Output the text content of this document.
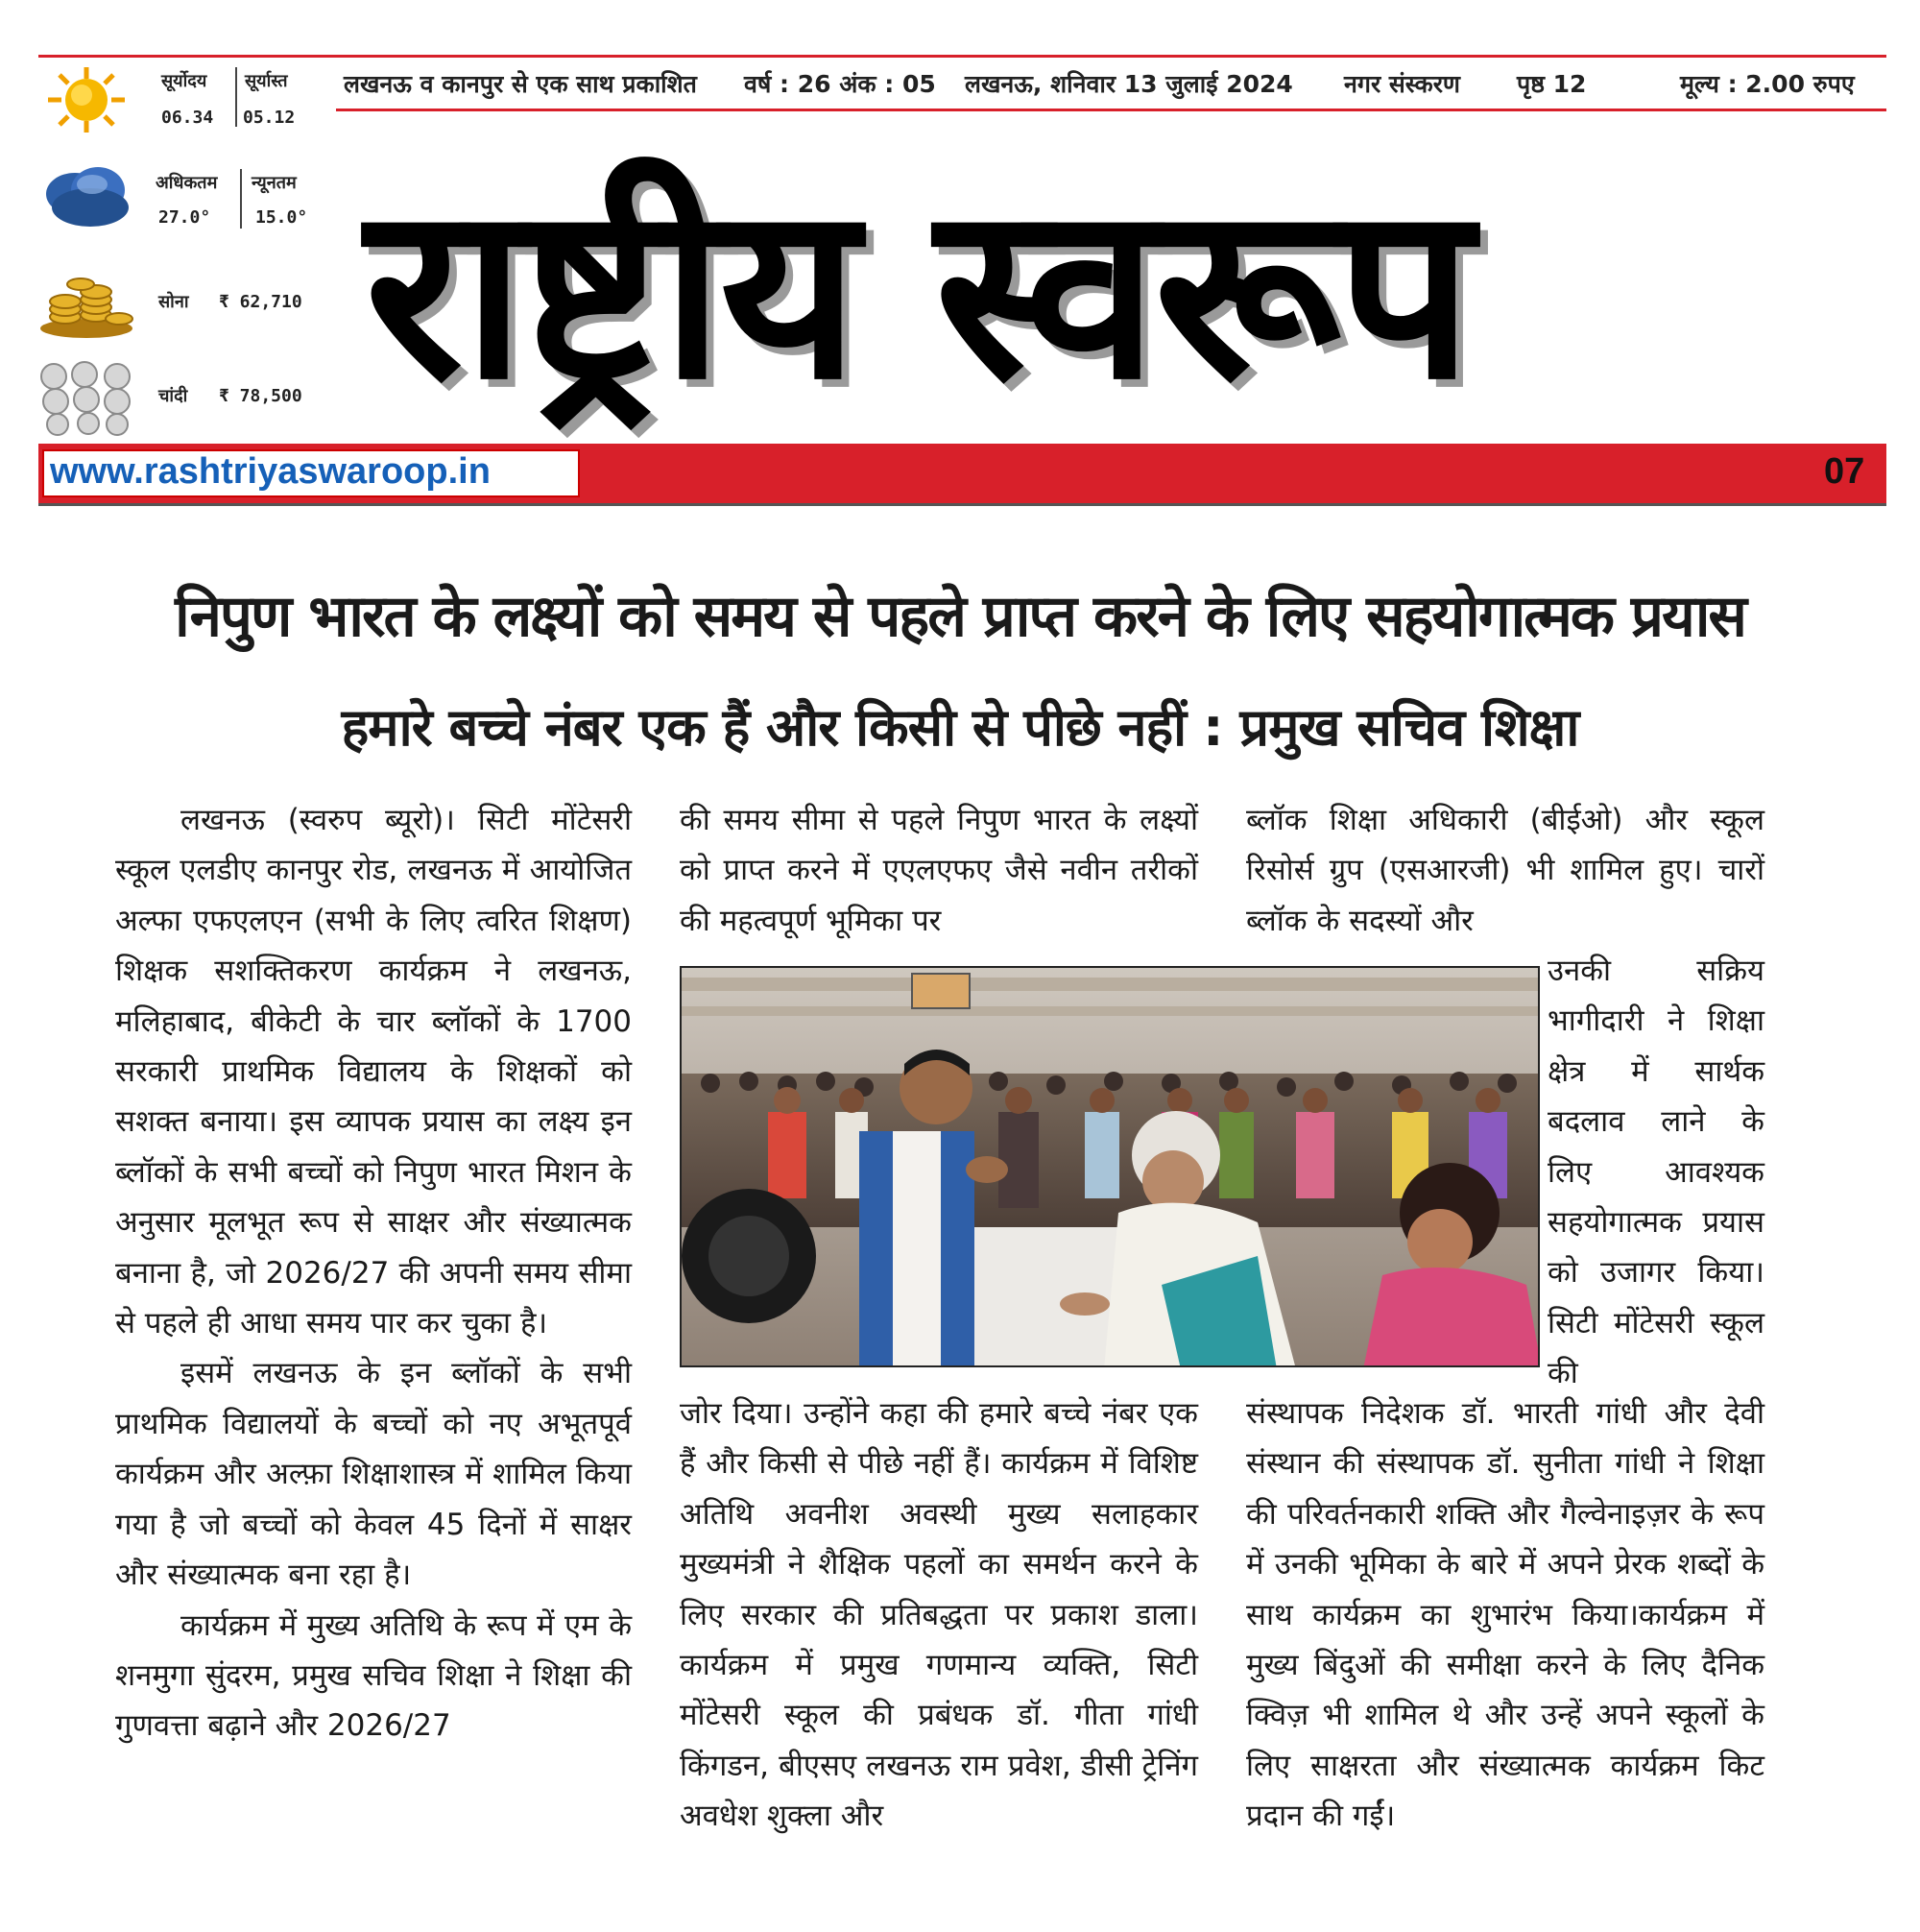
लखनऊ व कानपुर से एक साथ प्रकाशित वर्ष : 26 अंक : 05 लखनऊ, शनिवार 13 जुलाई 2024 नगर संस्करण पृष्ठ 12	मूल्य : 2.00 रुपए
सूर्योदय सूर्यास्त
06.34 05.12
अधिकतम न्यूनतम
27.0°	15.0°
सोना ₹ 62,710
चांदी ₹ 78,500 राष्ट्रीय स्वरूप
www.rashtriyaswaroop.in	07
निपुण भारत के लक्ष्यों को समय से पहले प्राप्त करने के लिए सहयोगात्मक प्रयास
हमारे बच्चे नंबर एक हैं और किसी से पीछे नहीं : प्रमुख सचिव शिक्षा

लखनऊ (स्वरुप ब्यूरो)। सिटी मोंटेसरी स्कूल एलडीए कानपुर रोड, लखनऊ में आयोजित अल्फा एफएलएन (सभी के लिए त्वरित शिक्षण) शिक्षक सशक्तिकरण कार्यक्रम ने लखनऊ, मलिहाबाद, बीकेटी के चार ब्लॉकों के 1700 सरकारी प्राथमिक विद्यालय के शिक्षकों को सशक्त बनाया। इस व्यापक प्रयास का लक्ष्य इन ब्लॉकों के सभी बच्चों को निपुण भारत मिशन के अनुसार मूलभूत रूप से साक्षर और संख्यात्मक बनाना है, जो 2026/27 की अपनी समय सीमा से पहले ही आधा समय पार कर चुका है।

इसमें लखनऊ के इन ब्लॉकों के सभी प्राथमिक विद्यालयों के बच्चों को नए अभूतपूर्व कार्यक्रम और अल्फ़ा शिक्षाशास्त्र में शामिल किया गया है जो बच्चों को केवल 45 दिनों में साक्षर और संख्यात्मक बना रहा है।

कार्यक्रम में मुख्य अतिथि के रूप में एम के शनमुगा सुंदरम, प्रमुख सचिव शिक्षा ने शिक्षा की गुणवत्ता बढ़ाने और 2026/27

की समय सीमा से पहले निपुण भारत के लक्ष्यों को प्राप्त करने में एएलएफए जैसे नवीन तरीकों की महत्वपूर्ण भूमिका पर

जोर दिया। उन्होंने कहा की हमारे बच्चे नंबर एक हैं और किसी से पीछे नहीं हैं। कार्यक्रम में विशिष्ट अतिथि अवनीश अवस्थी मुख्य सलाहकार मुख्यमंत्री ने शैक्षिक पहलों का समर्थन करने के लिए सरकार की प्रतिबद्धता पर प्रकाश डाला।कार्यक्रम में प्रमुख गणमान्य व्यक्ति, सिटी मोंटेसरी स्कूल की प्रबंधक डॉ. गीता गांधी किंगडन, बीएसए लखनऊ राम प्रवेश, डीसी ट्रेनिंग अवधेश शुक्ला और

ब्लॉक शिक्षा अधिकारी (बीईओ) और स्कूल रिसोर्स ग्रुप (एसआरजी) भी शामिल हुए। चारों ब्लॉक के सदस्यों और

उनकी सक्रिय भागीदारी ने शिक्षा क्षेत्र में सार्थक बदलाव लाने के लिए आवश्यक सहयोगात्मक प्रयास को उजागर किया।सिटी मोंटेसरी स्कूल की

संस्थापक निदेशक डॉ. भारती गांधी और देवी संस्थान की संस्थापक डॉ. सुनीता गांधी ने शिक्षा की परिवर्तनकारी शक्ति और गैल्वेनाइज़र के रूप में उनकी भूमिका के बारे में अपने प्रेरक शब्दों के साथ कार्यक्रम का शुभारंभ किया।कार्यक्रम में मुख्य बिंदुओं की समीक्षा करने के लिए दैनिक क्विज़ भी शामिल थे और उन्हें अपने स्कूलों के लिए साक्षरता और संख्यात्मक कार्यक्रम किट प्रदान की गईं।
